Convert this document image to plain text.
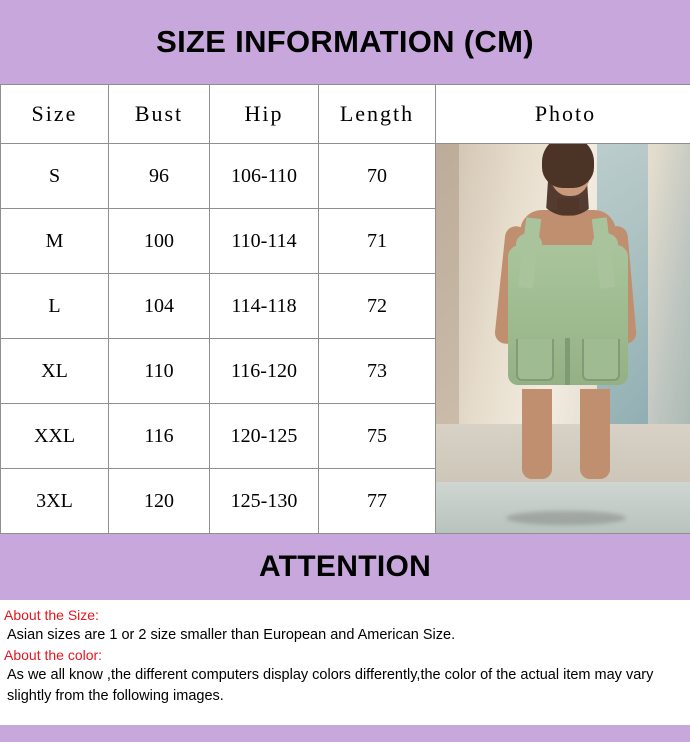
SIZE INFORMATION (CM)
Size	Bust	Hip	Length	Photo
S	96	106-110	70	

M	100	110-114	71	
L	104	114-118	72	
XL	110	116-120	73	
XXL	116	120-125	75	
3XL	120	125-130	77	
ATTENTION
About the Size:
Asian sizes are 1 or 2 size smaller than European and American Size.
About the color:
As we all know ,the different computers display colors differently,the color of the actual item may vary slightly from the following images.
